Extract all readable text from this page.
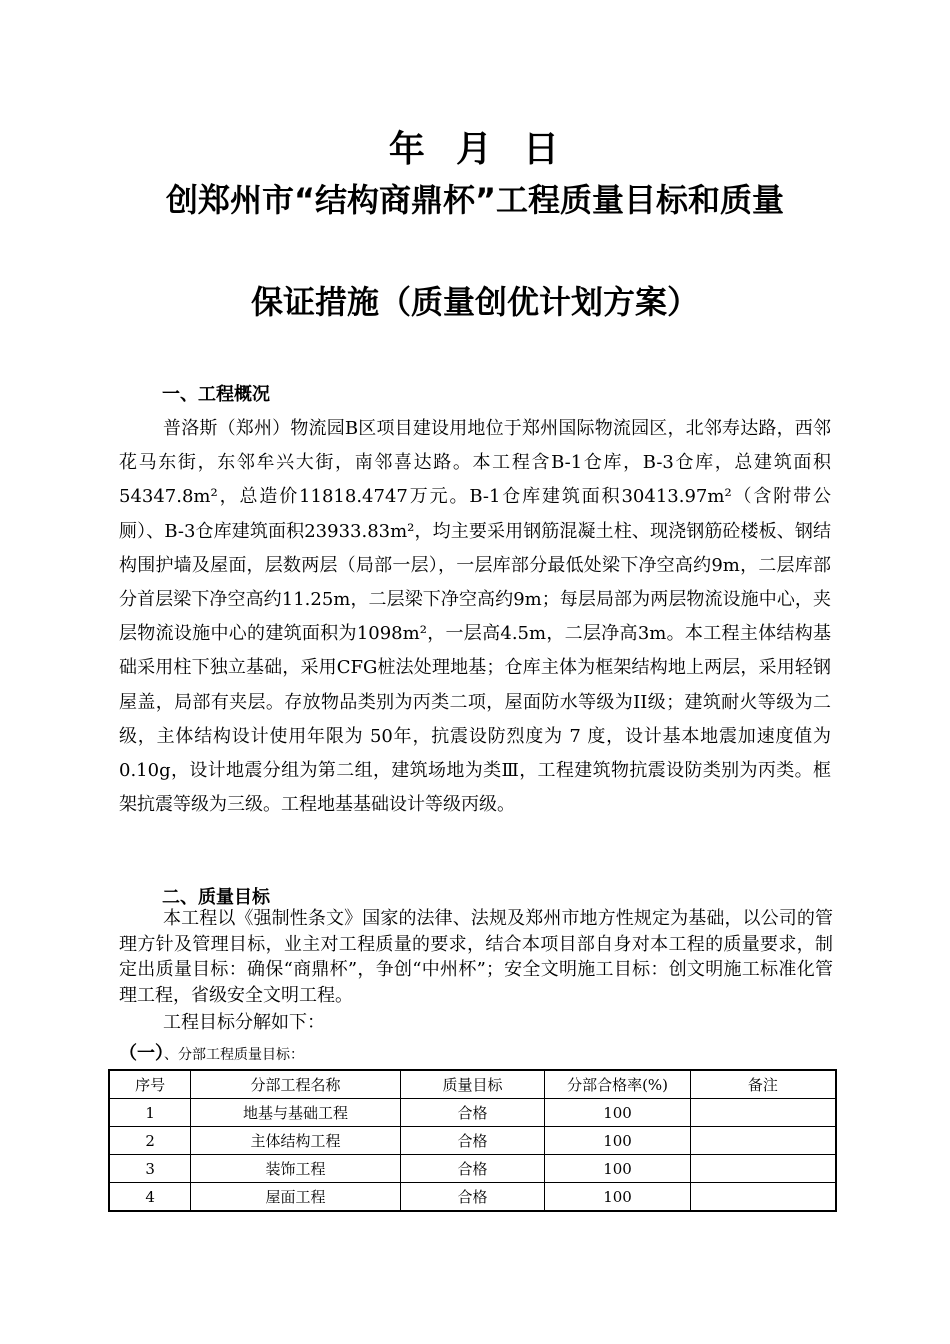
年  月  日
创郑州市“结构商鼎杯”工程质量目标和质量
保证措施（质量创优计划方案）
一、工程概况
普洛斯（郑州）物流园B区项目建设用地位于郑州国际物流园区，北邻寿达路，西邻花马东街，东邻牟兴大街，南邻喜达路。本工程含B-1仓库，B-3仓库，总建筑面积54347.8m²，总造价11818.4747万元。B-1仓库建筑面积30413.97m²（含附带公厕）、B-3仓库建筑面积23933.83m²，均主要采用钢筋混凝土柱、现浇钢筋砼楼板、钢结构围护墙及屋面，层数两层（局部一层），一层库部分最低处梁下净空高约9m，二层库部分首层梁下净空高约11.25m，二层梁下净空高约9m；每层局部为两层物流设施中心，夹层物流设施中心的建筑面积为1098m²，一层高4.5m，二层净高3m。本工程主体结构基础采用柱下独立基础，采用CFG桩法处理地基；仓库主体为框架结构地上两层，采用轻钢屋盖，局部有夹层。存放物品类别为丙类二项，屋面防水等级为II级；建筑耐火等级为二级，主体结构设计使用年限为 50年，抗震设防烈度为 7 度，设计基本地震加速度值为0.10g，设计地震分组为第二组，建筑场地为类Ⅲ，工程建筑物抗震设防类别为丙类。框架抗震等级为三级。工程地基基础设计等级丙级。
二、质量目标
本工程以《强制性条文》国家的法律、法规及郑州市地方性规定为基础，以公司的管理方针及管理目标，业主对工程质量的要求，结合本项目部自身对本工程的质量要求，制定出质量目标：确保“商鼎杯”，争创“中州杯”；安全文明施工目标：创文明施工标准化管理工程，省级安全文明工程。
工程目标分解如下：
（一）、分部工程质量目标：
序号	分部工程名称	质量目标	分部合格率(%)	备注
1	地基与基础工程	合格	100	
2	主体结构工程	合格	100	
3	装饰工程	合格	100	
4	屋面工程	合格	100	
